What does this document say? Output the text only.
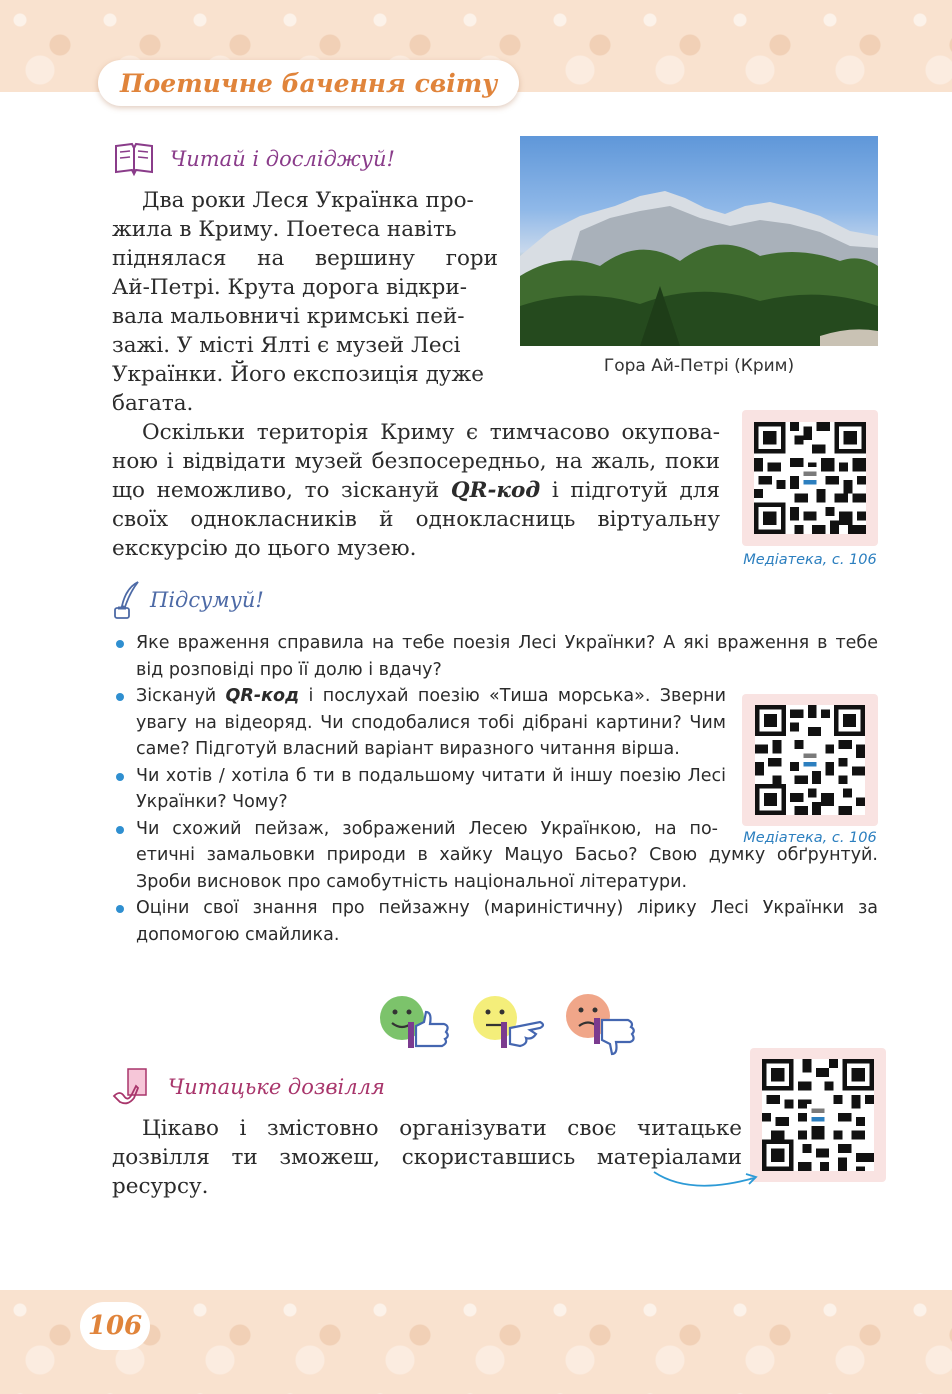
Поетичне бачення світу
Читай і досліджуй!
Два роки Леся Українка про-
жила в Криму. Поетеса навіть
піднялася на вершину гори
Ай-Петрі. Крута дорога відкри-
вала мальовничі кримські пей-
зажі. У місті Ялті є музей Лесі
Українки. Його експозиція дуже
багата.
Гора Ай-Петрі (Крим)
Оскільки територія Криму є тимчасово окупова-ною і відвідати музей безпосередньо, на жаль, поки що неможливо, то зіскануй QR-код і підготуй для своїх однокласників й однокласниць віртуальну екскурсію до цього музею.	Медіатека, с. 106
Підсумуй!
Яке враження справила на тебе поезія Лесі Українки? А які враження в тебе від розповіді про її долю і вдачу?
Зіскануй QR-код і послухай поезію «Тиша морська». Зверни увагу на відеоряд. Чи сподобалися тобі дібрані картини? Чим саме? Підготуй власний варіант виразного читання вірша.
Чи хотів / хотіла б ти в подальшому читати й іншу поезію Лесі Українки? Чому?
Чи схожий пейзаж, зображений Лесею Українкою, на по-
етичні замальовки природи в хайку Мацуо Басьо? Свою думку обґрунтуй. Зроби висновок про самобутність національної літератури.
Оціни свої знання про пейзажну (мариністичну) лірику Лесі Українки за допомогою смайлика.
Медіатека, с. 106
Читацьке дозвілля
Цікаво і змістовно організувати своє читацьке дозвілля ти зможеш, скориставшись матеріалами ресурсу.
106
